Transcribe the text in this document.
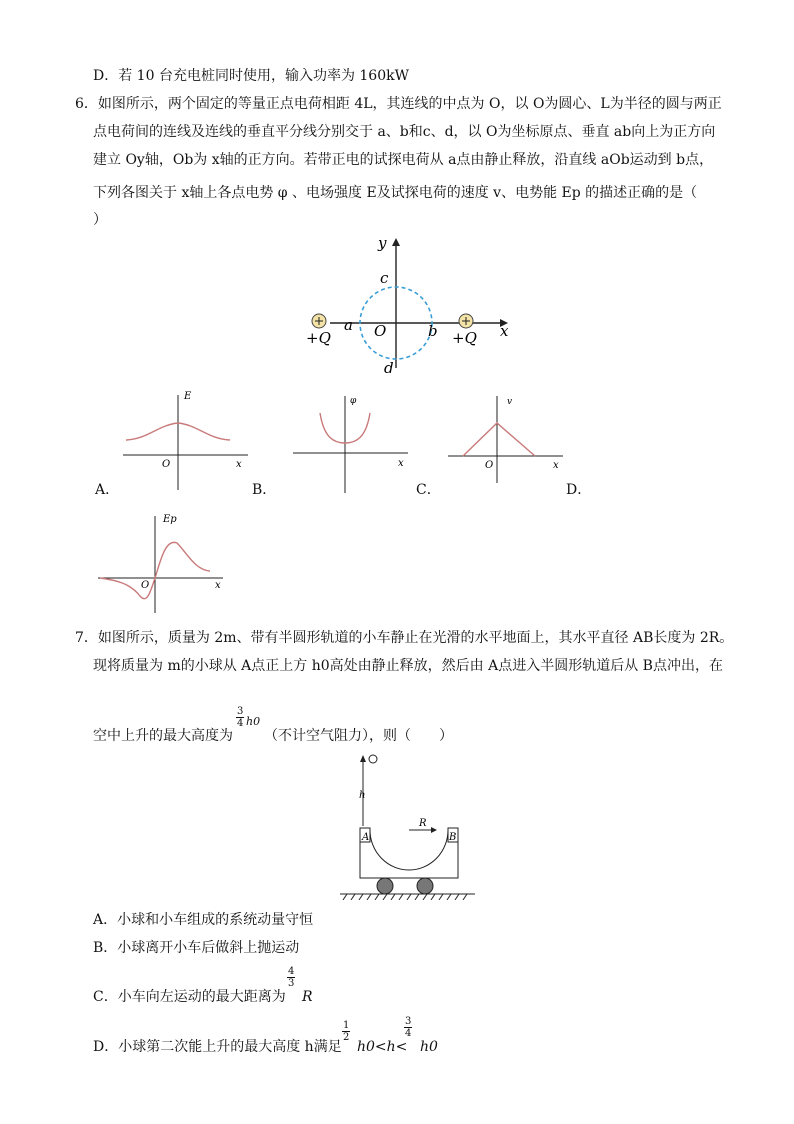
D．若 10 台充电桩同时使用，输入功率为 160kW
6．如图所示，两个固定的等量正点电荷相距 4L，其连线的中点为 O，以 O为圆心、L为半径的圆与两正
点电荷间的连线及连线的垂直平分线分别交于 a、b和c、d，以 O为坐标原点、垂直 ab向上为正方向
建立 Oy轴，Ob为 x轴的正方向。若带正电的试探电荷从 a点由静止释放，沿直线 aOb运动到 b点，
下列各图关于 x轴上各点电势 φ 、电场强度 E及试探电荷的速度 v、电势能 Ep 的描述正确的是（
）
y
c
a O	b	x
d
+Q	+Q
E
O	x
A．
φ
x
B．
v
O	x
C．	D．
Ep
O	x
7．如图所示，质量为 2m、带有半圆形轨道的小车静止在光滑的水平地面上，其水平直径 AB长度为 2R。
现将质量为 m的小球从 A点正上方 h0高处由静止释放，然后由 A点进入半圆形轨道后从 B点冲出，在
空中上升的最大高度为
$\frac{3}{4} h0$
（不计空气阻力），则（　　）
h
A	B
R
A．小球和小车组成的系统动量守恒
B．小球离开小车后做斜上抛运动
C．小车向左运动的最大距离为
$\frac{4}{3}$
R
D．小球第二次能上升的最大高度 h满足
$\frac{1}{2}$
h0<h<
$\frac{3}{4}$
h0
